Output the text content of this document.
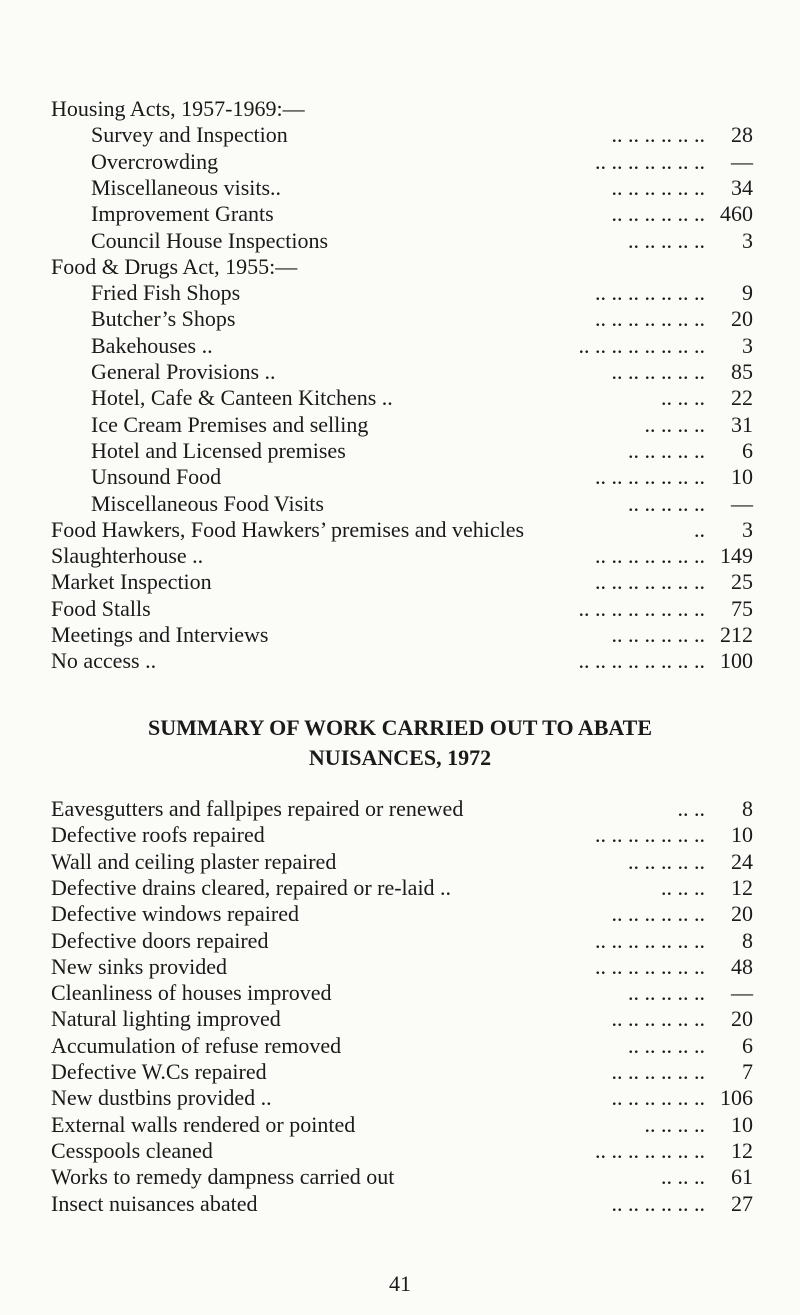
Housing Acts, 1957-1969:—
Survey and Inspection	.. .. .. .. .. .. 28
Overcrowding	.. .. .. .. .. .. .. —
Miscellaneous visits..	.. .. .. .. .. .. 34
Improvement Grants	.. .. .. .. .. .. 460
Council House Inspections	.. .. .. .. .. 3
Food & Drugs Act, 1955:—
Fried Fish Shops	.. .. .. .. .. .. .. 9
Butcher’s Shops	.. .. .. .. .. .. .. 20
Bakehouses ..	.. .. .. .. .. .. .. .. 3
General Provisions ..	.. .. .. .. .. .. 85
Hotel, Cafe & Canteen Kitchens ..	.. .. .. 22
Ice Cream Premises and selling	.. .. .. .. 31
Hotel and Licensed premises	.. .. .. .. .. 6
Unsound Food	.. .. .. .. .. .. .. 10
Miscellaneous Food Visits	.. .. .. .. .. —
Food Hawkers, Food Hawkers’ premises and vehicles	.. 3
Slaughterhouse ..	.. .. .. .. .. .. .. 149
Market Inspection	.. .. .. .. .. .. .. 25
Food Stalls	.. .. .. .. .. .. .. .. 75
Meetings and Interviews	.. .. .. .. .. .. 212
No access ..	.. .. .. .. .. .. .. .. 100
SUMMARY OF WORK CARRIED OUT TO ABATE
NUISANCES, 1972
Eavesgutters and fallpipes repaired or renewed	.. .. 8
Defective roofs repaired	.. .. .. .. .. .. .. 10
Wall and ceiling plaster repaired	.. .. .. .. .. 24
Defective drains cleared, repaired or re-laid ..	.. .. .. 12
Defective windows repaired	.. .. .. .. .. .. 20
Defective doors repaired	.. .. .. .. .. .. .. 8
New sinks provided	.. .. .. .. .. .. .. 48
Cleanliness of houses improved	.. .. .. .. .. —
Natural lighting improved	.. .. .. .. .. .. 20
Accumulation of refuse removed	.. .. .. .. .. 6
Defective W.Cs repaired	.. .. .. .. .. .. 7
New dustbins provided ..	.. .. .. .. .. .. 106
External walls rendered or pointed	.. .. .. .. 10
Cesspools cleaned	.. .. .. .. .. .. .. 12
Works to remedy dampness carried out	.. .. .. 61
Insect nuisances abated	.. .. .. .. .. .. 27
41
